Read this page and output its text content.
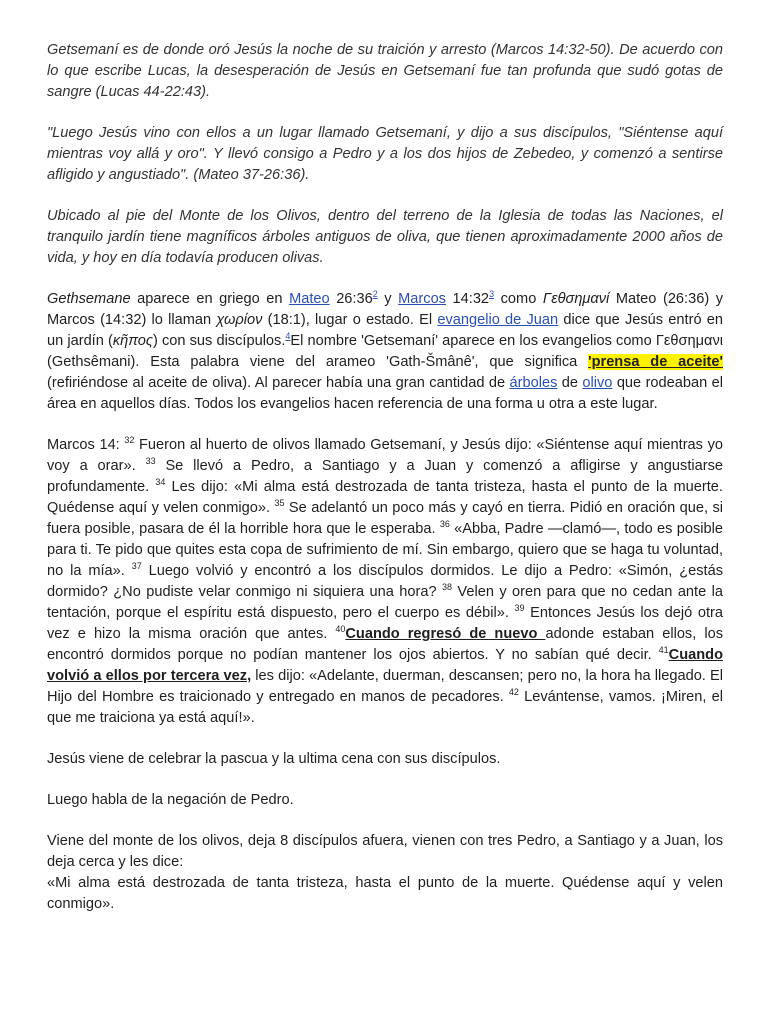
Getsemaní es de donde oró Jesús la noche de su traición y arresto (Marcos 14:32-50). De acuerdo con lo que escribe Lucas, la desesperación de Jesús en Getsemaní fue tan profunda que sudó gotas de sangre (Lucas 44-22:43).

"Luego Jesús vino con ellos a un lugar llamado Getsemaní, y dijo a sus discípulos, "Siéntense aquí mientras voy allá y oro". Y llevó consigo a Pedro y a los dos hijos de Zebedeo, y comenzó a sentirse afligido y angustiado". (Mateo 37-26:36).

Ubicado al pie del Monte de los Olivos, dentro del terreno de la Iglesia de todas las Naciones, el tranquilo jardín tiene magníficos árboles antiguos de oliva, que tienen aproximadamente 2000 años de vida, y hoy en día todavía producen olivas.

Gethsemane aparece en griego en Mateo $26:36^2$ y Marcos $14:32^3$ como Γεθσημανί Mateo (26:36) y Marcos (14:32) lo llaman χωρίον (18:1), lugar o estado. El evangelio de Juan dice que Jesús entró en un jardín (κῆπος) con sus discípulos.$^4$El nombre 'Getsemaní' aparece en los evangelios como Γεθσημανι (Gethsêmani). Esta palabra viene del arameo 'Gath-Šmânê', que significa 'prensa de aceite' (refiriéndose al aceite de oliva). Al parecer había una gran cantidad de árboles de olivo que rodeaban el área en aquellos días. Todos los evangelios hacen referencia de una forma u otra a este lugar.

Marcos 14: $^{32}$ Fueron al huerto de olivos llamado Getsemaní, y Jesús dijo: «Siéntense aquí mientras yo voy a orar». $^{33}$ Se llevó a Pedro, a Santiago y a Juan y comenzó a afligirse y angustiarse profundamente. $^{34}$ Les dijo: «Mi alma está destrozada de tanta tristeza, hasta el punto de la muerte. Quédense aquí y velen conmigo». $^{35}$ Se adelantó un poco más y cayó en tierra. Pidió en oración que, si fuera posible, pasara de él la horrible hora que le esperaba. $^{36}$ «Abba, Padre —clamó—, todo es posible para ti. Te pido que quites esta copa de sufrimiento de mí. Sin embargo, quiero que se haga tu voluntad, no la mía». $^{37}$ Luego volvió y encontró a los discípulos dormidos. Le dijo a Pedro: «Simón, ¿estás dormido? ¿No pudiste velar conmigo ni siquiera una hora? $^{38}$ Velen y oren para que no cedan ante la tentación, porque el espíritu está dispuesto, pero el cuerpo es débil». $^{39}$ Entonces Jesús los dejó otra vez e hizo la misma oración que antes. $^{40}$Cuando regresó de nuevo adonde estaban ellos, los encontró dormidos porque no podían mantener los ojos abiertos. Y no sabían qué decir. $^{41}$Cuando volvió a ellos por tercera vez, les dijo: «Adelante, duerman, descansen; pero no, la hora ha llegado. El Hijo del Hombre es traicionado y entregado en manos de pecadores. $^{42}$ Levántense, vamos. ¡Miren, el que me traiciona ya está aquí!».

Jesús viene de celebrar la pascua y la ultima cena con sus discípulos.

Luego habla de la negación de Pedro.

Viene del monte de los olivos, deja 8 discípulos afuera, vienen con tres Pedro, a Santiago y a Juan, los deja cerca y les dice:

«Mi alma está destrozada de tanta tristeza, hasta el punto de la muerte. Quédense aquí y velen conmigo».
